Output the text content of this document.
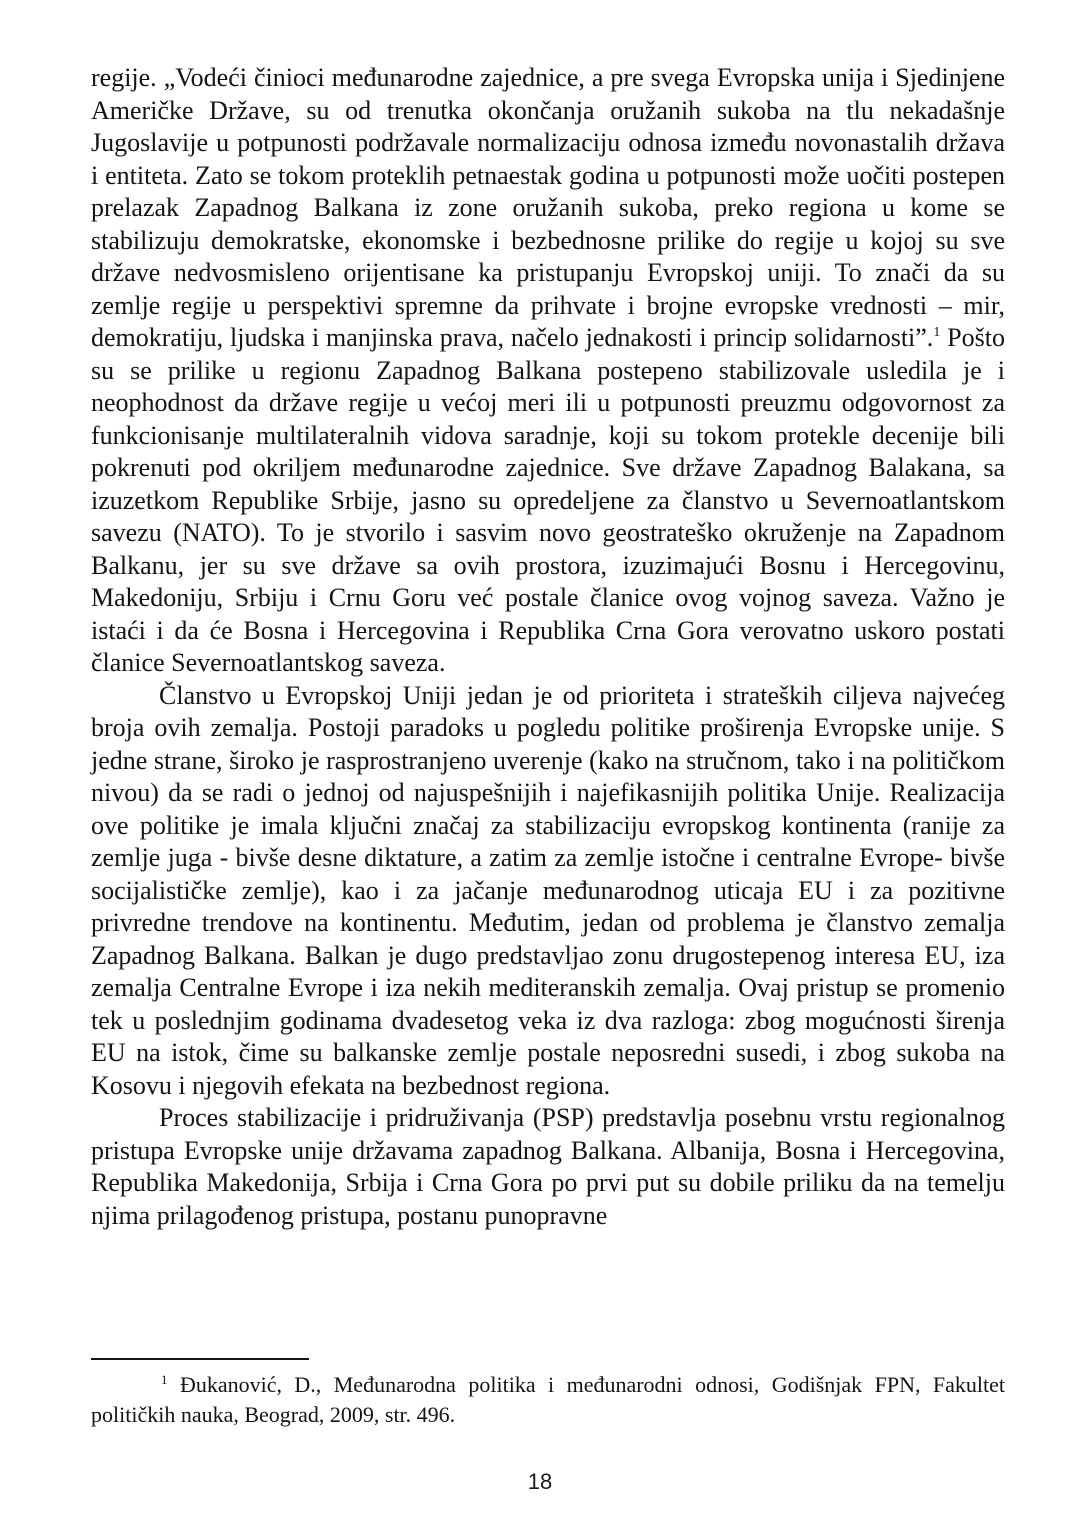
regije. „Vodeći činioci međunarodne zajednice, a pre svega Evropska unija i Sjedinjene Američke Države, su od trenutka okončanja oružanih sukoba na tlu nekadašnje Jugoslavije u potpunosti podržavale normalizaciju odnosa između novonastalih država i entiteta. Zato se tokom proteklih petnaestak godina u potpunosti može uočiti postepen prelazak Zapadnog Balkana iz zone oružanih sukoba, preko regiona u kome se stabilizuju demokratske, ekonomske i bezbednosne prilike do regije u kojoj su sve države nedvosmisleno orijentisane ka pristupanju Evropskoj uniji. To znači da su zemlje regije u perspektivi spremne da prihvate i brojne evropske vrednosti – mir, demokratiju, ljudska i manjinska prava, načelo jednakosti i princip solidarnosti”.$^1$ Pošto su se prilike u regionu Zapadnog Balkana postepeno stabilizovale usledila je i neophodnost da države regije u većoj meri ili u potpunosti preuzmu odgovornost za funkcionisanje multilateralnih vidova saradnje, koji su tokom protekle decenije bili pokrenuti pod okriljem međunarodne zajednice. Sve države Zapadnog Balakana, sa izuzetkom Republike Srbije, jasno su opredeljene za članstvo u Severnoatlantskom savezu (NATO). To je stvorilo i sasvim novo geostrateško okruženje na Zapadnom Balkanu, jer su sve države sa ovih prostora, izuzimajući Bosnu i Hercegovinu, Makedoniju, Srbiju i Crnu Goru već postale članice ovog vojnog saveza. Važno je istaći i da će Bosna i Hercegovina i Republika Crna Gora verovatno uskoro postati članice Severnoatlantskog saveza.

Članstvo u Evropskoj Uniji jedan je od prioriteta i strateških ciljeva najvećeg broja ovih zemalja. Postoji paradoks u pogledu politike proširenja Evropske unije. S jedne strane, široko je rasprostranjeno uverenje (kako na stručnom, tako i na političkom nivou) da se radi o jednoj od najuspešnijih i najefikasnijih politika Unije. Realizacija ove politike je imala ključni značaj za stabilizaciju evropskog kontinenta (ranije za zemlje juga - bivše desne diktature, a zatim za zemlje istočne i centralne Evrope- bivše socijalističke zemlje), kao i za jačanje međunarodnog uticaja EU i za pozitivne privredne trendove na kontinentu. Međutim, jedan od problema je članstvo zemalja Zapadnog Balkana. Balkan je dugo predstavljao zonu drugostepenog interesa EU, iza zemalja Centralne Evrope i iza nekih mediteranskih zemalja. Ovaj pristup se promenio tek u poslednjim godinama dvadesetog veka iz dva razloga: zbog mogućnosti širenja EU na istok, čime su balkanske zemlje postale neposredni susedi, i zbog sukoba na Kosovu i njegovih efekata na bezbednost regiona.

Proces stabilizacije i pridruživanja (PSP) predstavlja posebnu vrstu regionalnog pristupa Evropske unije državama zapadnog Balkana. Albanija, Bosna i Hercegovina, Republika Makedonija, Srbija i Crna Gora po prvi put su dobile priliku da na temelju njima prilagođenog pristupa, postanu punopravne

$^1$ Đukanović, D., Međunarodna politika i međunarodni odnosi, Godišnjak FPN, Fakultet političkih nauka, Beograd, 2009, str. 496.

18
